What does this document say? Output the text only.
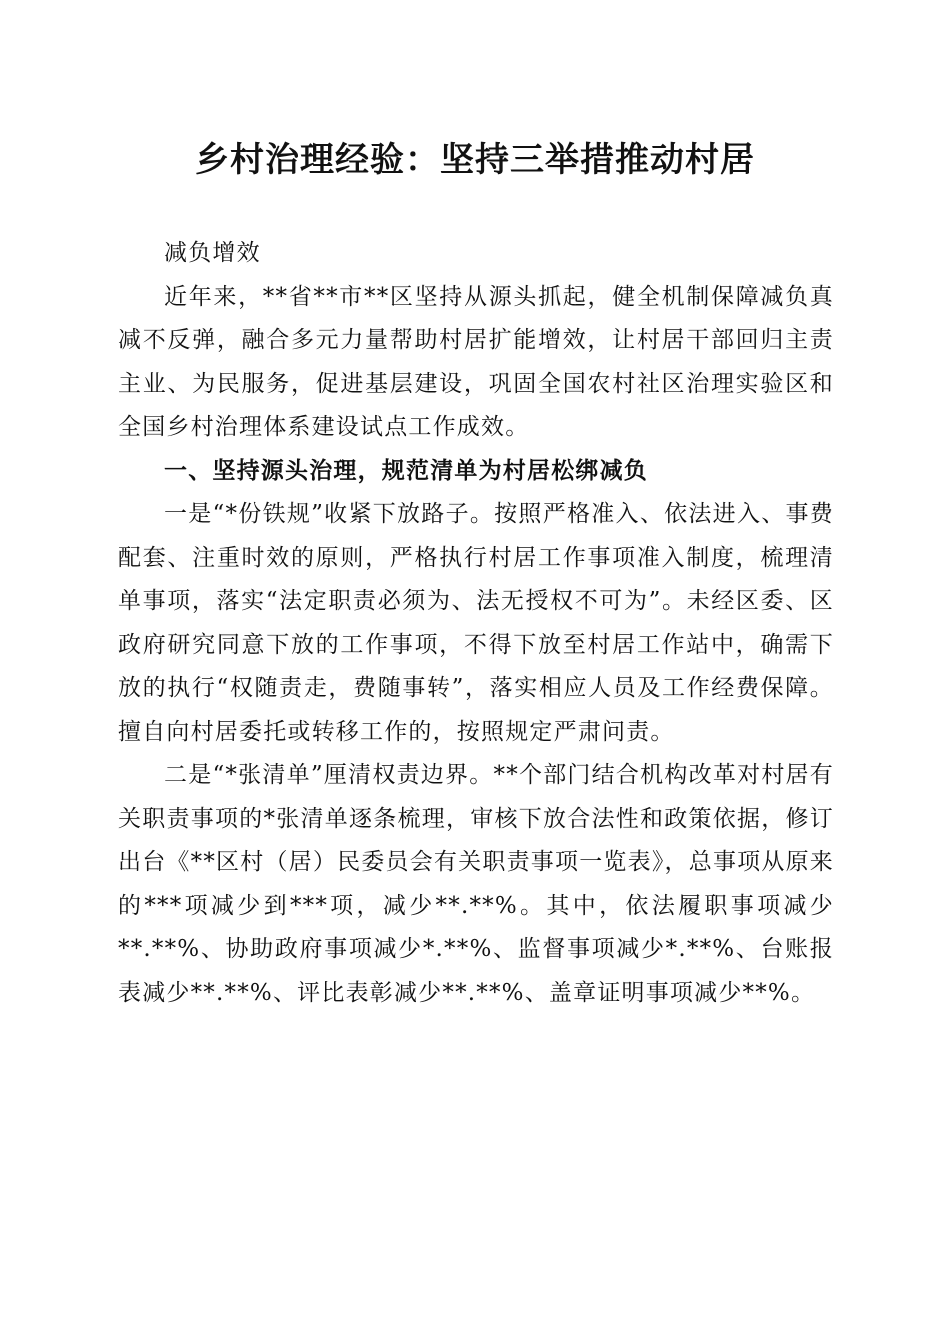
乡村治理经验：坚持三举措推动村居

减负增效

近年来，**省**市**区坚持从源头抓起，健全机制保障减负真减不反弹，融合多元力量帮助村居扩能增效，让村居干部回归主责主业、为民服务，促进基层建设，巩固全国农村社区治理实验区和全国乡村治理体系建设试点工作成效。

一、坚持源头治理，规范清单为村居松绑减负

一是“*份铁规”收紧下放路子。按照严格准入、依法进入、事费配套、注重时效的原则，严格执行村居工作事项准入制度，梳理清单事项，落实“法定职责必须为、法无授权不可为”。未经区委、区政府研究同意下放的工作事项，不得下放至村居工作站中，确需下放的执行“权随责走，费随事转”，落实相应人员及工作经费保障。擅自向村居委托或转移工作的，按照规定严肃问责。

二是“*张清单”厘清权责边界。**个部门结合机构改革对村居有关职责事项的*张清单逐条梳理，审核下放合法性和政策依据，修订出台《**区村（居）民委员会有关职责事项一览表》，总事项从原来的***项减少到***项，减少**.**%。其中，依法履职事项减少**.**%、协助政府事项减少*.**%、监督事项减少*.**%、台账报表减少**.**%、评比表彰减少**.**%、盖章证明事项减少**%。
